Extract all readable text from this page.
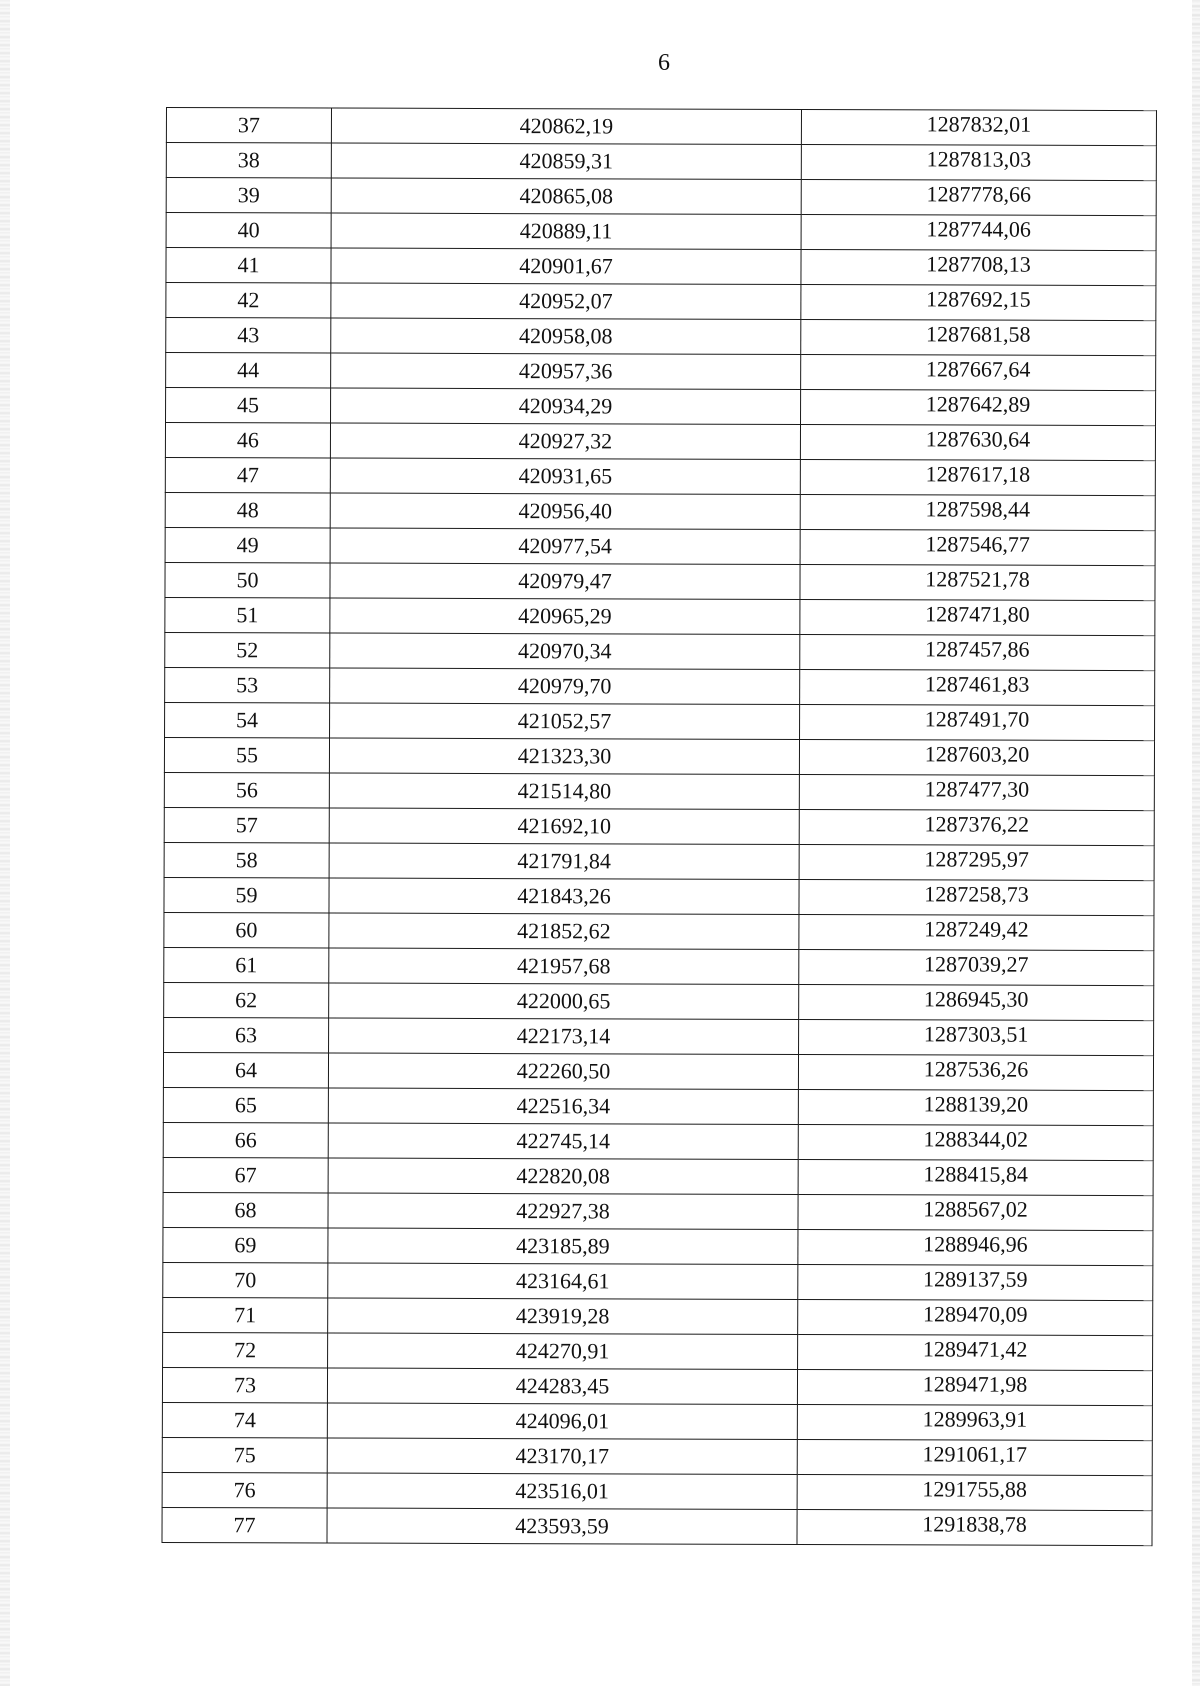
6
37	420862,19	1287832,01
38	420859,31	1287813,03
39	420865,08	1287778,66
40	420889,11	1287744,06
41	420901,67	1287708,13
42	420952,07	1287692,15
43	420958,08	1287681,58
44	420957,36	1287667,64
45	420934,29	1287642,89
46	420927,32	1287630,64
47	420931,65	1287617,18
48	420956,40	1287598,44
49	420977,54	1287546,77
50	420979,47	1287521,78
51	420965,29	1287471,80
52	420970,34	1287457,86
53	420979,70	1287461,83
54	421052,57	1287491,70
55	421323,30	1287603,20
56	421514,80	1287477,30
57	421692,10	1287376,22
58	421791,84	1287295,97
59	421843,26	1287258,73
60	421852,62	1287249,42
61	421957,68	1287039,27
62	422000,65	1286945,30
63	422173,14	1287303,51
64	422260,50	1287536,26
65	422516,34	1288139,20
66	422745,14	1288344,02
67	422820,08	1288415,84
68	422927,38	1288567,02
69	423185,89	1288946,96
70	423164,61	1289137,59
71	423919,28	1289470,09
72	424270,91	1289471,42
73	424283,45	1289471,98
74	424096,01	1289963,91
75	423170,17	1291061,17
76	423516,01	1291755,88
77	423593,59	1291838,78
